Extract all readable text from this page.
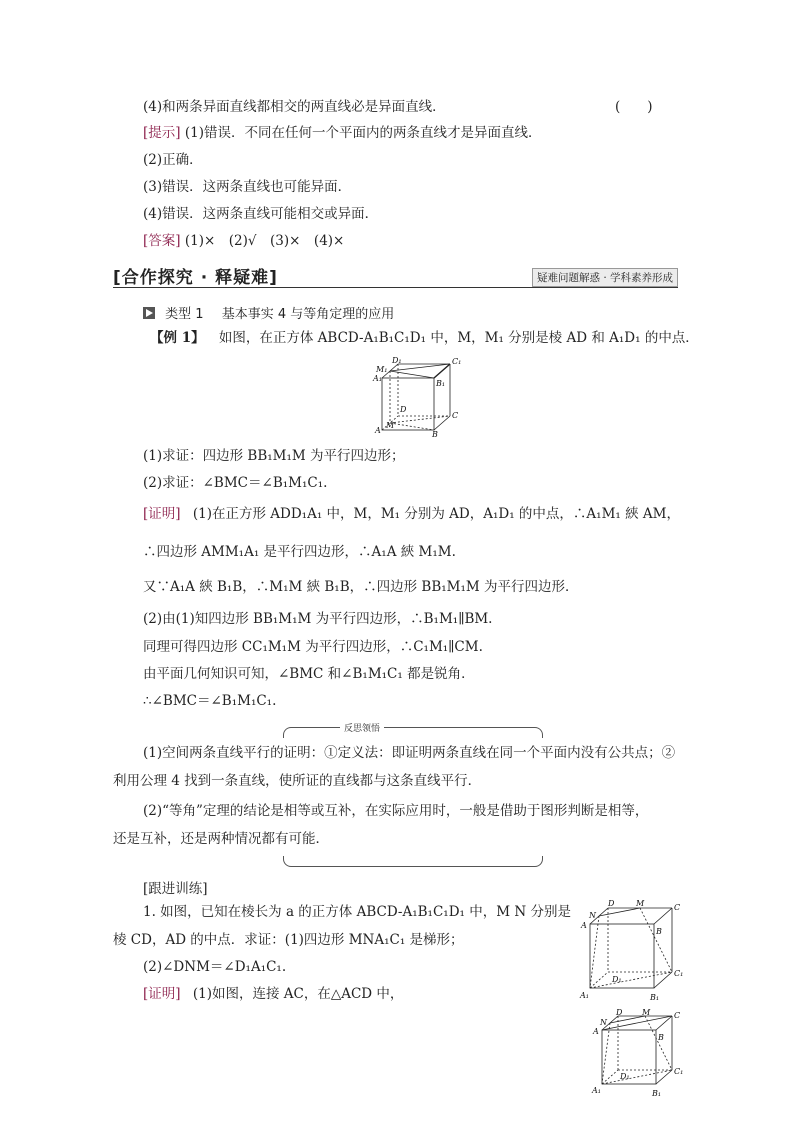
(4)和两条异面直线都相交的两直线必是异面直线．	(　　)
[提示] (1)错误．不同在任何一个平面内的两条直线才是异面直线．
(2)正确．
(3)错误．这两条直线也可能异面．
(4)错误．这两条直线可能相交或异面．
[答案] (1)×　(2)√　(3)×　(4)×
[合作探究 · 释疑难]	疑难问题解惑 · 学科素养形成
类型 1 基本事实 4 与等角定理的应用
【例 1】 如图，在正方体 ABCD-A₁B₁C₁D₁ 中，M，M₁ 分别是棱 AD 和 A₁D₁ 的中点．
D₁	C₁
M₁
A₁
B₁
D
C
A
M
B
(1)求证：四边形 BB₁M₁M 为平行四边形；
(2)求证：∠BMC＝∠B₁M₁C₁.
[证明] (1)在正方形 ADD₁A₁ 中，M，M₁ 分别为 AD，A₁D₁ 的中点，∴A₁M₁ 綊 AM，
∴四边形 AMM₁A₁ 是平行四边形，∴A₁A 綊 M₁M.
又∵A₁A 綊 B₁B，∴M₁M 綊 B₁B，∴四边形 BB₁M₁M 为平行四边形．
(2)由(1)知四边形 BB₁M₁M 为平行四边形，∴B₁M₁∥BM.
同理可得四边形 CC₁M₁M 为平行四边形，∴C₁M₁∥CM.
由平面几何知识可知，∠BMC 和∠B₁M₁C₁ 都是锐角．
∴∠BMC＝∠B₁M₁C₁.
反思领悟
(1)空间两条直线平行的证明：①定义法：即证明两条直线在同一个平面内没有公共点；②
利用公理 4 找到一条直线，使所证的直线都与这条直线平行．
(2)“等角”定理的结论是相等或互补，在实际应用时，一般是借助于图形判断是相等，
还是互补，还是两种情况都有可能．
[跟进训练]
1. 如图，已知在棱长为 a 的正方体 ABCD-A₁B₁C₁D₁ 中，M N 分别是
棱 CD，AD 的中点．求证：(1)四边形 MNA₁C₁ 是梯形；
(2)∠DNM＝∠D₁A₁C₁.
[证明] (1)如图，连接 AC，在△ACD 中，
D	M	C
N
A
B
D₁
C₁
A₁	B₁
D M	C
N
A
B
D₁
C₁
A₁	B₁
